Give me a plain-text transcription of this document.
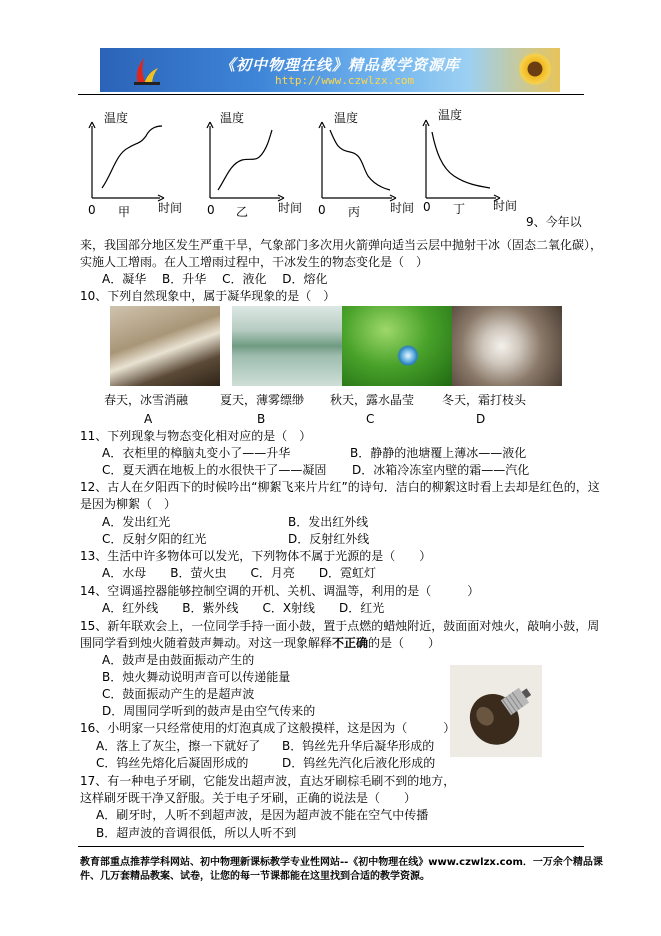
《初中物理在线》精品教学资源库
http://www.czwlzx.com
温度	温度	温度	温度
0 甲 时间 0 乙 时间 0 丙 时间 0 丁 时间
9、今年以
来，我国部分地区发生严重干旱，气象部门多次用火箭弹向适当云层中抛射干冰（固态二氧化碳），
实施人工增雨。在人工增雨过程中，干冰发生的物态变化是（　）
A．凝华　 B．升华　 C．液化　 D．熔化
10、下列自然现象中，属于凝华现象的是（　）
春天，冰雪消融	夏天，薄雾缥缈 秋天，露水晶莹 冬天，霜打枝头
A	B	C	D
11、下列现象与物态变化相对应的是（　）
A．衣柜里的樟脑丸变小了——升华	B．静静的池塘覆上薄冰——液化
C．夏天洒在地板上的水很快干了——凝固 D．冰箱冷冻室内壁的霜——汽化
12、古人在夕阳西下的时候吟出“柳絮飞来片片红”的诗句．洁白的柳絮这时看上去却是红色的，这
是因为柳絮（　）
A．发出红光	B．发出红外线
C．反射夕阳的红光	D．反射红外线
13、生活中许多物体可以发光，下列物体不属于光源的是（　　）
A．水母　　B．萤火虫　　C．月亮　　D．霓虹灯
14、空调遥控器能够控制空调的开机、关机、调温等，利用的是（　　　）
A．红外线　　B．紫外线　　C．X射线　　D．红光
15、新年联欢会上，一位同学手持一面小鼓，置于点燃的蜡烛附近，鼓面面对烛火，敲响小鼓，周
围同学看到烛火随着鼓声舞动。对这一现象解释不正确的是（　　）
A．鼓声是由鼓面振动产生的
B．烛火舞动说明声音可以传递能量
C．鼓面振动产生的是超声波
D．周围同学听到的鼓声是由空气传来的
16、小明家一只经常使用的灯泡真成了这般摸样，这是因为（　　　）
A．落上了灰尘，擦一下就好了 B．钨丝先升华后凝华形成的
C．钨丝先熔化后凝固形成的	D．钨丝先汽化后液化形成的
17、有一种电子牙刷，它能发出超声波，直达牙刷棕毛刷不到的地方，
这样刷牙既干净又舒服。关于电子牙刷，正确的说法是（　　）
A．刷牙时，人听不到超声波，是因为超声波不能在空气中传播
B．超声波的音调很低，所以人听不到
教育部重点推荐学科网站、初中物理新课标教学专业性网站--《初中物理在线》www.czwlzx.com．一万余个精品课
件、几万套精品教案、试卷，让您的每一节课都能在这里找到合适的教学资源。
